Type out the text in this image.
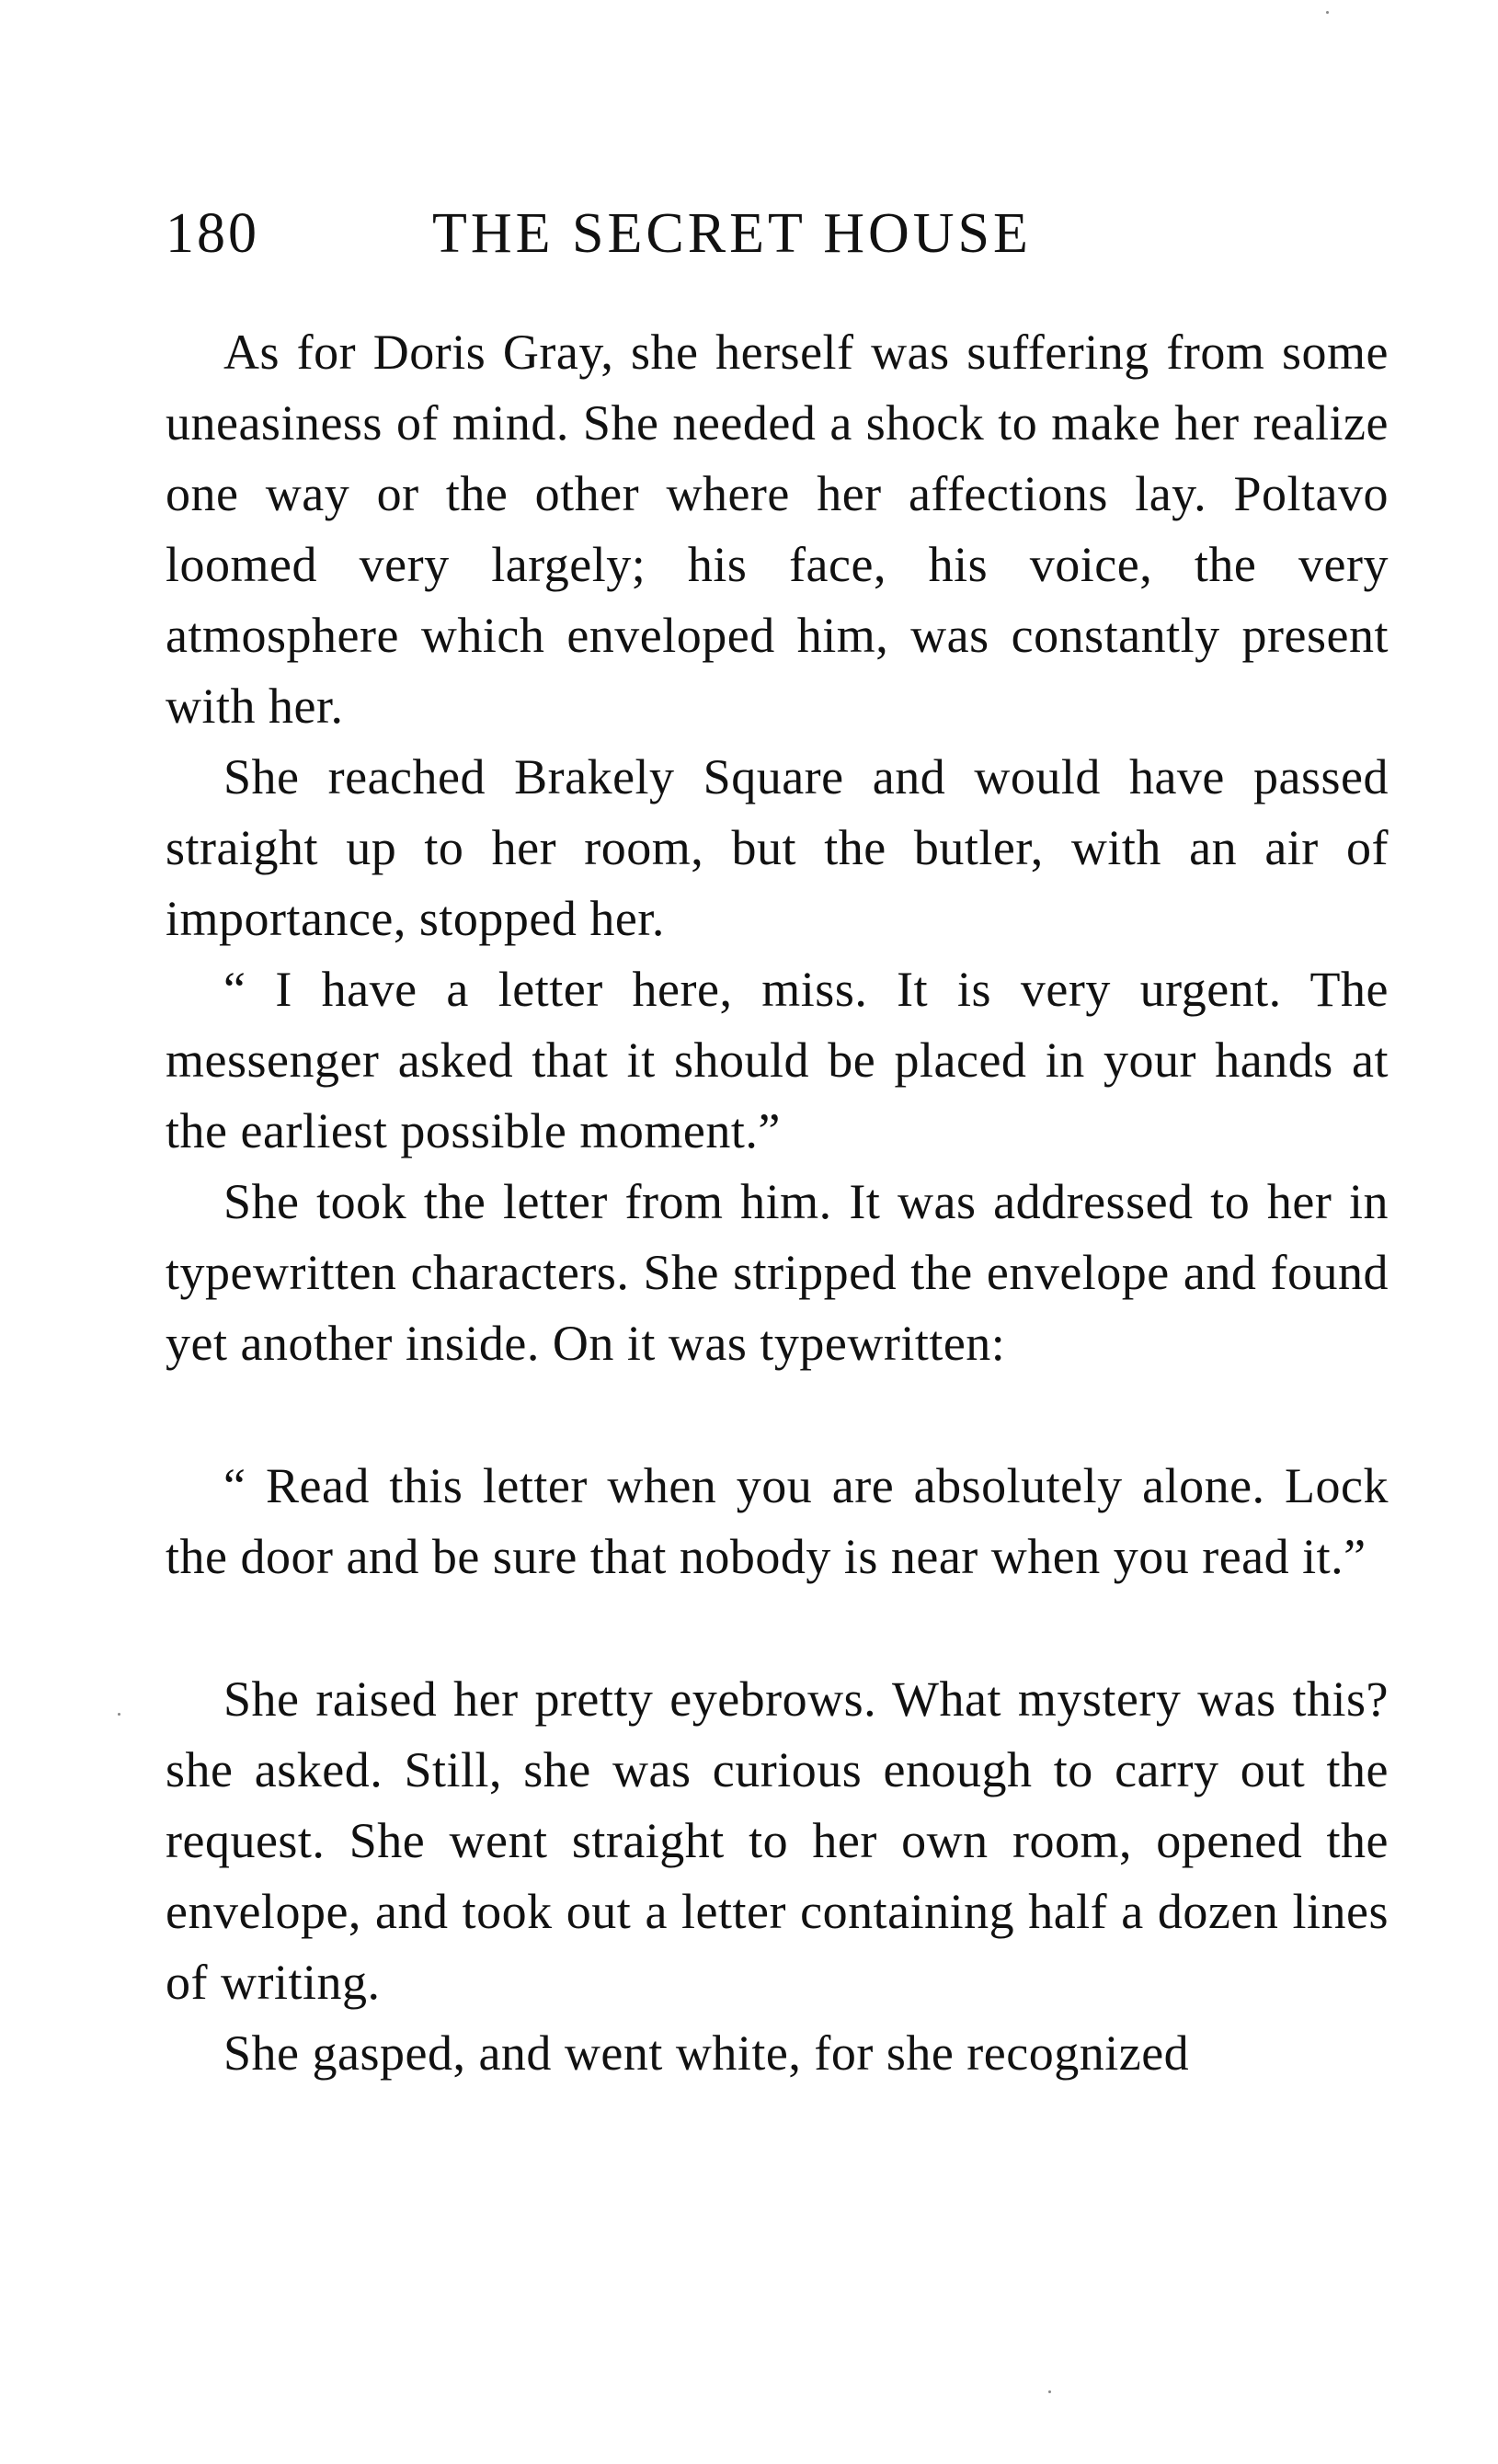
180	THE SECRET HOUSE

As for Doris Gray, she herself was suffering from some uneasiness of mind. She needed a shock to make her realize one way or the other where her affections lay. Poltavo loomed very largely; his face, his voice, the very atmosphere which enveloped him, was constantly present with her.

She reached Brakely Square and would have passed straight up to her room, but the butler, with an air of importance, stopped her.

“ I have a letter here, miss. It is very urgent. The messenger asked that it should be placed in your hands at the earliest possible moment.”

She took the letter from him. It was addressed to her in typewritten characters. She stripped the envelope and found yet another inside. On it was typewritten:

“ Read this letter when you are absolutely alone. Lock the door and be sure that nobody is near when you read it.”

She raised her pretty eyebrows. What mystery was this? she asked. Still, she was curious enough to carry out the request. She went straight to her own room, opened the envelope, and took out a letter containing half a dozen lines of writing.

She gasped, and went white, for she recognized
